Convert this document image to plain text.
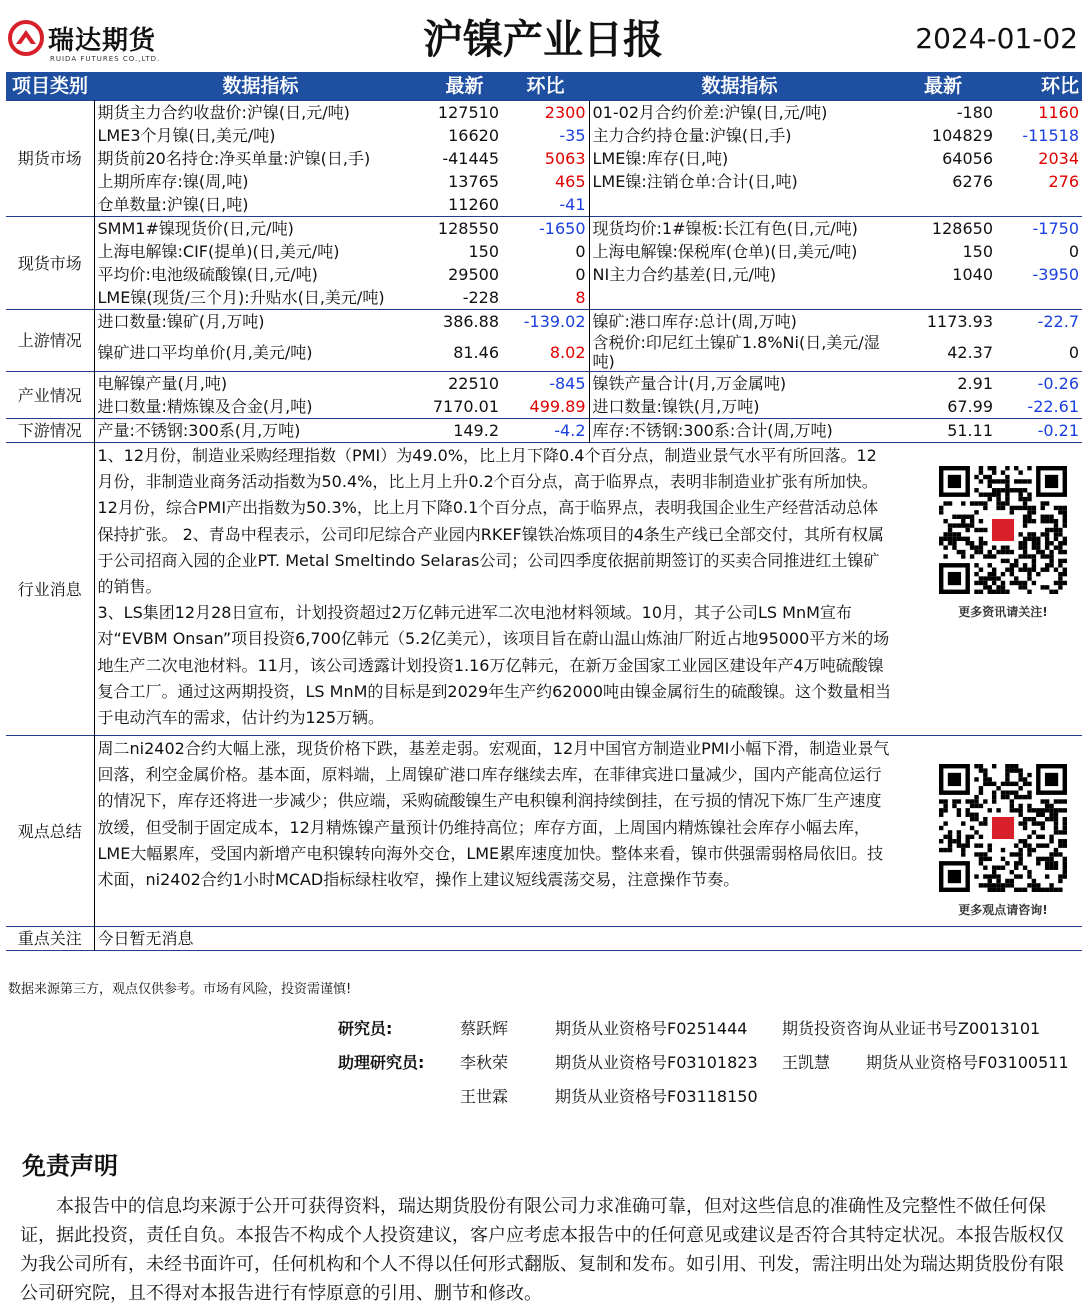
瑞达期货
RUIDA FUTURES CO.,LTD.	沪镍产业日报	2024-01-02
项目类别	数据指标	最新	环比	数据指标	最新	环比
期货市场	期货主力合约收盘价:沪镍(日,元/吨)	127510	2300	01-02月合约价差:沪镍(日,元/吨)	-180	1160
	LME3个月镍(日,美元/吨)	16620	-35	主力合约持仓量:沪镍(日,手)	104829	-11518
	期货前20名持仓:净买单量:沪镍(日,手)	-41445	5063	LME镍:库存(日,吨)	64056	2034
	上期所库存:镍(周,吨)	13765	465	LME镍:注销仓单:合计(日,吨)	6276	276
	仓单数量:沪镍(日,吨)	11260	-41			
现货市场	SMM1#镍现货价(日,元/吨)	128550	-1650	现货均价:1#镍板:长江有色(日,元/吨)	128650	-1750
	上海电解镍:CIF(提单)(日,美元/吨)	150	0	上海电解镍:保税库(仓单)(日,美元/吨)	150	0
	平均价:电池级硫酸镍(日,元/吨)	29500	0	NI主力合约基差(日,元/吨)	1040	-3950
	LME镍(现货/三个月):升贴水(日,美元/吨)	-228	8			
上游情况	进口数量:镍矿(月,万吨)	386.88	-139.02	镍矿:港口库存:总计(周,万吨)	1173.93	-22.7
	镍矿进口平均单价(月,美元/吨)	81.46	8.02	含税价:印尼红土镍矿1.8%Ni(日,美元/湿吨)	42.37	0
产业情况	电解镍产量(月,吨)	22510	-845	镍铁产量合计(月,万金属吨)	2.91	-0.26
	进口数量:精炼镍及合金(月,吨)	7170.01	499.89	进口数量:镍铁(月,万吨)	67.99	-22.61
下游情况	产量:不锈钢:300系(月,万吨)	149.2	-4.2	库存:不锈钢:300系:合计(周,万吨)	51.11	-0.21
行业消息	1、12月份，制造业采购经理指数（PMI）为49.0%，比上月下降0.4个百分点，制造业景气水平有所回落。12月份，非制造业商务活动指数为50.4%，比上月上升0.2个百分点，高于临界点，表明非制造业扩张有所加快。12月份，综合PMI产出指数为50.3%，比上月下降0.1个百分点，高于临界点，表明我国企业生产经营活动总体保持扩张。 2、青岛中程表示，公司印尼综合产业园内RKEF镍铁冶炼项目的4条生产线已全部交付，其所有权属于公司招商入园的企业PT. Metal Smeltindo Selaras公司；公司四季度依据前期签订的买卖合同推进红土镍矿的销售。
3、LS集团12月28日宣布，计划投资超过2万亿韩元进军二次电池材料领域。10月，其子公司LS MnM宣布对“EVBM Onsan”项目投资6,700亿韩元（5.2亿美元），该项目旨在蔚山温山炼油厂附近占地95000平方米的场地生产二次电池材料。11月，该公司透露计划投资1.16万亿韩元，在新万金国家工业园区建设年产4万吨硫酸镍复合工厂。通过这两期投资，LS MnM的目标是到2029年生产约62000吨由镍金属衍生的硫酸镍。这个数量相当于电动汽车的需求，估计约为125万辆。					
观点总结	周二ni2402合约大幅上涨，现货价格下跌，基差走弱。宏观面，12月中国官方制造业PMI小幅下滑，制造业景气回落，利空金属价格。基本面，原料端，上周镍矿港口库存继续去库，在菲律宾进口量减少，国内产能高位运行的情况下，库存还将进一步减少；供应端，采购硫酸镍生产电积镍利润持续倒挂，在亏损的情况下炼厂生产速度放缓，但受制于固定成本，12月精炼镍产量预计仍维持高位；库存方面，上周国内精炼镍社会库存小幅去库，LME大幅累库，受国内新增产电积镍转向海外交仓，LME累库速度加快。整体来看，镍市供强需弱格局依旧。技术面，ni2402合约1小时MCAD指标绿柱收窄，操作上建议短线震荡交易，注意操作节奏。					
重点关注	今日暂无消息					
数据来源第三方，观点仅供参考。市场有风险，投资需谨慎!
研究员:	蔡跃辉	期货从业资格号F0251444 期货投资咨询从业证书号Z0013101
助理研究员: 李秋荣	期货从业资格号F03101823 王凯慧 期货从业资格号F03100511
王世霖	期货从业资格号F03118150
免责声明
本报告中的信息均来源于公开可获得资料，瑞达期货股份有限公司力求准确可靠，但对这些信息的准确性及完整性不做任何保证，据此投资，责任自负。本报告不构成个人投资建议，客户应考虑本报告中的任何意见或建议是否符合其特定状况。本报告版权仅为我公司所有，未经书面许可，任何机构和个人不得以任何形式翻版、复制和发布。如引用、刊发，需注明出处为瑞达期货股份有限公司研究院，且不得对本报告进行有悖原意的引用、删节和修改。
更多资讯请关注!
更多观点请咨询!
